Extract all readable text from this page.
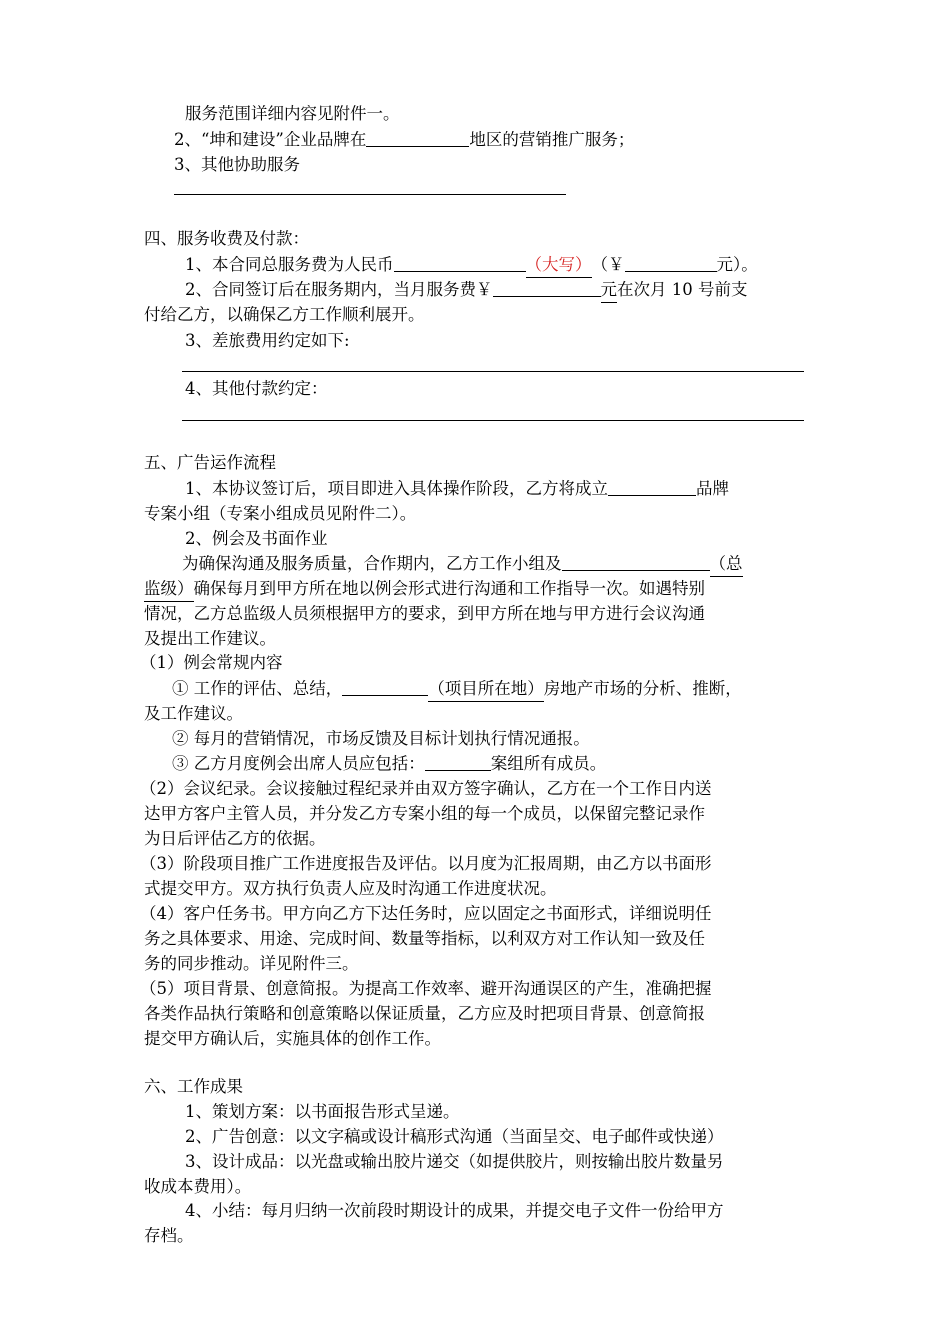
服务范围详细内容见附件一。
2、“坤和建设”企业品牌在	地区的营销推广服务；
3、其他协助服务
四、服务收费及付款：
1、本合同总服务费为人民币	（大写）（￥	元）。
2、合同签订后在服务期内，当月服务费￥	元在次月 10 号前支
付给乙方，以确保乙方工作顺利展开。
3、差旅费用约定如下:
4、其他付款约定：
五、广告运作流程
1、本协议签订后，项目即进入具体操作阶段，乙方将成立	品牌
专案小组（专案小组成员见附件二）。
2、例会及书面作业
为确保沟通及服务质量，合作期内，乙方工作小组及	（总
监级）确保每月到甲方所在地以例会形式进行沟通和工作指导一次。如遇特别
情况，乙方总监级人员须根据甲方的要求，到甲方所在地与甲方进行会议沟通
及提出工作建议。
（1）例会常规内容
① 工作的评估、总结，	（项目所在地）房地产市场的分析、推断，
及工作建议。
② 每月的营销情况，市场反馈及目标计划执行情况通报。
③ 乙方月度例会出席人员应包括：	案组所有成员。
（2）会议纪录。会议接触过程纪录并由双方签字确认，乙方在一个工作日内送
达甲方客户主管人员，并分发乙方专案小组的每一个成员，以保留完整记录作
为日后评估乙方的依据。
（3）阶段项目推广工作进度报告及评估。以月度为汇报周期，由乙方以书面形
式提交甲方。双方执行负责人应及时沟通工作进度状况。
（4）客户任务书。甲方向乙方下达任务时，应以固定之书面形式，详细说明任
务之具体要求、用途、完成时间、数量等指标，以利双方对工作认知一致及任
务的同步推动。详见附件三。
（5）项目背景、创意简报。为提高工作效率、避开沟通误区的产生，准确把握
各类作品执行策略和创意策略以保证质量，乙方应及时把项目背景、创意简报
提交甲方确认后，实施具体的创作工作。
六、工作成果
1、策划方案：以书面报告形式呈递。
2、广告创意：以文字稿或设计稿形式沟通（当面呈交、电子邮件或快递）
3、设计成品：以光盘或输出胶片递交（如提供胶片，则按输出胶片数量另
收成本费用）。
4、小结：每月归纳一次前段时期设计的成果，并提交电子文件一份给甲方
存档。
